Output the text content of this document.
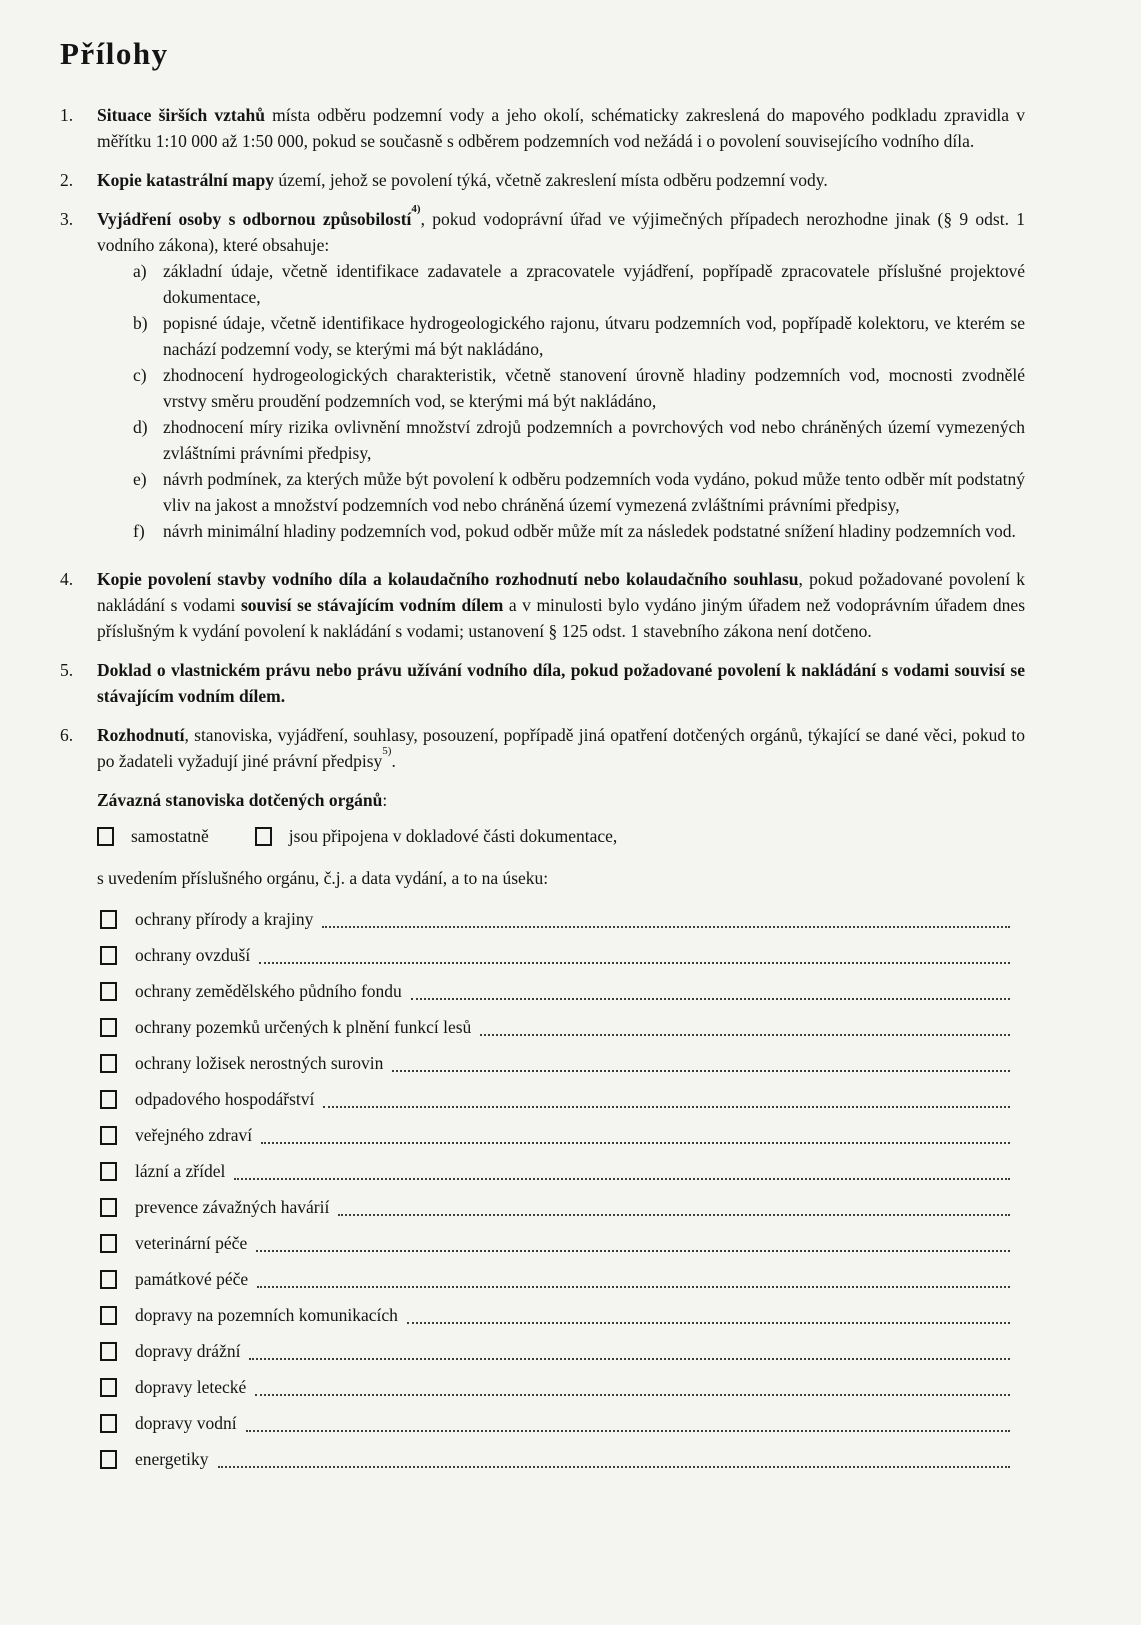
Přílohy
1.	Situace širších vztahů místa odběru podzemní vody a jeho okolí, schématicky zakreslená do mapového podkladu zpravidla v měřítku 1:10 000 až 1:50 000, pokud se současně s odběrem podzemních vod nežádá i o povolení souvisejícího vodního díla.
2.	Kopie katastrální mapy území, jehož se povolení týká, včetně zakreslení místa odběru podzemní vody.
3.	Vyjádření osoby s odbornou způsobilostí$^{4)}$, pokud vodoprávní úřad ve výjimečných případech nerozhodne jinak (§ 9 odst. 1 vodního zákona), které obsahuje:
a) základní údaje, včetně identifikace zadavatele a zpracovatele vyjádření, popřípadě zpracovatele příslušné projektové dokumentace,
b) popisné údaje, včetně identifikace hydrogeologického rajonu, útvaru podzemních vod, popřípadě kolektoru, ve kterém se nachází podzemní vody, se kterými má být nakládáno,
c) zhodnocení hydrogeologických charakteristik, včetně stanovení úrovně hladiny podzemních vod, mocnosti zvodnělé vrstvy směru proudění podzemních vod, se kterými má být nakládáno,
d) zhodnocení míry rizika ovlivnění množství zdrojů podzemních a povrchových vod nebo chráněných území vymezených zvláštními právními předpisy,
e) návrh podmínek, za kterých může být povolení k odběru podzemních voda vydáno, pokud může tento odběr mít podstatný vliv na jakost a množství podzemních vod nebo chráněná území vymezená zvláštními právními předpisy,
f)	návrh minimální hladiny podzemních vod, pokud odběr může mít za následek podstatné snížení hladiny podzemních vod.
4.	Kopie povolení stavby vodního díla a kolaudačního rozhodnutí nebo kolaudačního souhlasu, pokud požadované povolení k nakládání s vodami souvisí se stávajícím vodním dílem a v minulosti bylo vydáno jiným úřadem než vodoprávním úřadem dnes příslušným k vydání povolení k nakládání s vodami; ustanovení § 125 odst. 1 stavebního zákona není dotčeno.
5.	Doklad o vlastnickém právu nebo právu užívání vodního díla, pokud požadované povolení k nakládání s vodami souvisí se stávajícím vodním dílem.
6.	Rozhodnutí, stanoviska, vyjádření, souhlasy, posouzení, popřípadě jiná opatření dotčených orgánů, týkající se dané věci, pokud to po žadateli vyžadují jiné právní předpisy$^{5)}$.
Závazná stanoviska dotčených orgánů:
samostatně	jsou připojena v dokladové části dokumentace,
s uvedením příslušného orgánu, č.j. a data vydání, a to na úseku:
ochrany přírody a krajiny
ochrany ovzduší
ochrany zemědělského půdního fondu
ochrany pozemků určených k plnění funkcí lesů
ochrany ložisek nerostných surovin
odpadového hospodářství
veřejného zdraví
lázní a zřídel
prevence závažných havárií
veterinární péče
památkové péče
dopravy na pozemních komunikacích
dopravy drážní
dopravy letecké
dopravy vodní
energetiky
